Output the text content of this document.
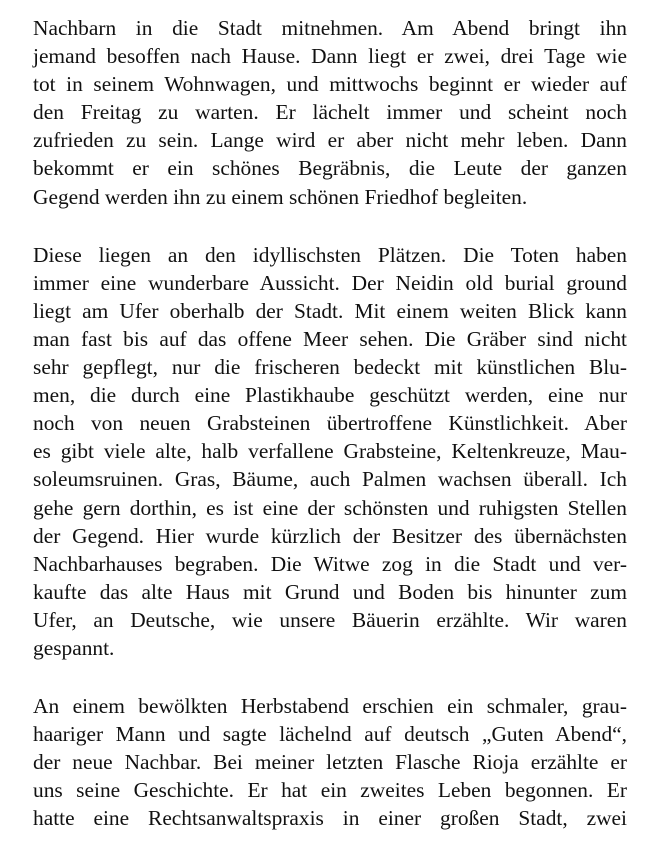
Nachbarn in die Stadt mitnehmen. Am Abend bringt ihn
jemand besoffen nach Hause. Dann liegt er zwei, drei Tage wie
tot in seinem Wohnwagen, und mittwochs beginnt er wieder auf
den Freitag zu warten. Er lächelt immer und scheint noch
zufrieden zu sein. Lange wird er aber nicht mehr leben. Dann
bekommt er ein schönes Begräbnis, die Leute der ganzen
Gegend werden ihn zu einem schönen Friedhof begleiten.
Diese liegen an den idyllischsten Plätzen. Die Toten haben
immer eine wunderbare Aussicht. Der Neidin old burial ground
liegt am Ufer oberhalb der Stadt. Mit einem weiten Blick kann
man fast bis auf das offene Meer sehen. Die Gräber sind nicht
sehr gepflegt, nur die frischeren bedeckt mit künstlichen Blu-
men, die durch eine Plastikhaube geschützt werden, eine nur
noch von neuen Grabsteinen übertroffene Künstlichkeit. Aber
es gibt viele alte, halb verfallene Grabsteine, Keltenkreuze, Mau-
soleumsruinen. Gras, Bäume, auch Palmen wachsen überall. Ich
gehe gern dorthin, es ist eine der schönsten und ruhigsten Stellen
der Gegend. Hier wurde kürzlich der Besitzer des übernächsten
Nachbarhauses begraben. Die Witwe zog in die Stadt und ver-
kaufte das alte Haus mit Grund und Boden bis hinunter zum
Ufer, an Deutsche, wie unsere Bäuerin erzählte. Wir waren
gespannt.
An einem bewölkten Herbstabend erschien ein schmaler, grau-
haariger Mann und sagte lächelnd auf deutsch „Guten Abend“,
der neue Nachbar. Bei meiner letzten Flasche Rioja erzählte er
uns seine Geschichte. Er hat ein zweites Leben begonnen. Er
hatte eine Rechtsanwaltspraxis in einer großen Stadt, zwei
